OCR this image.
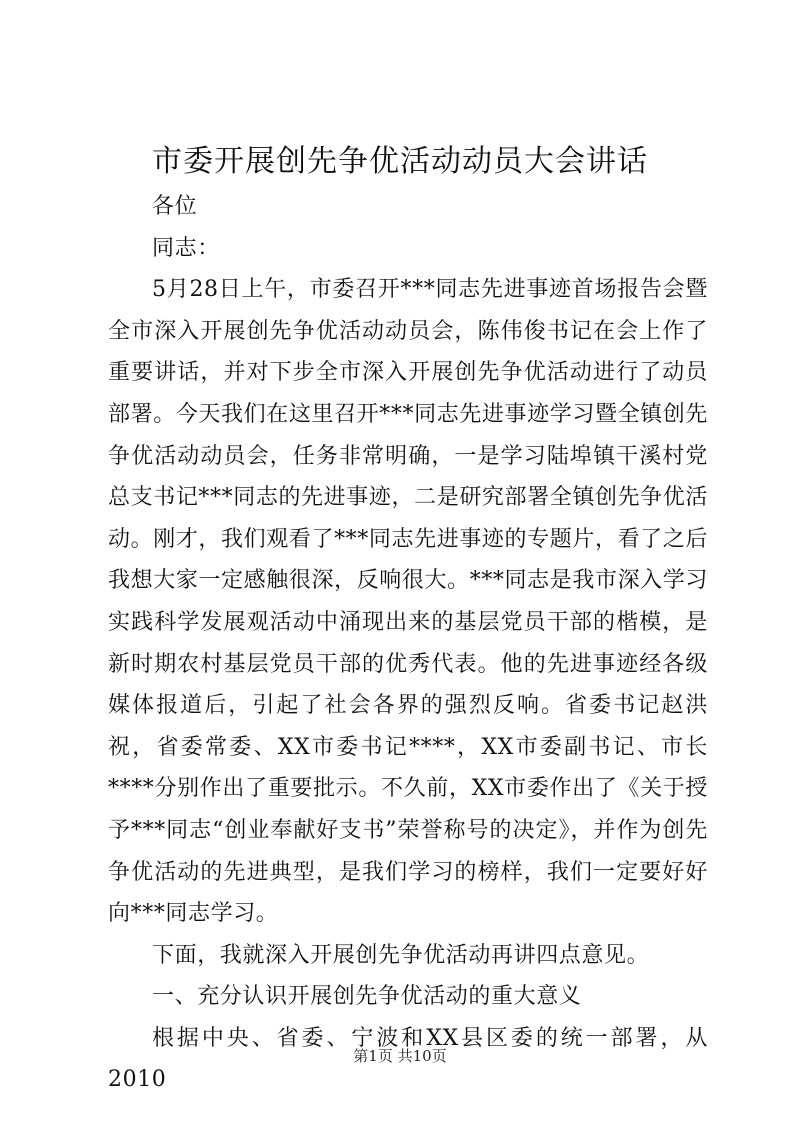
市委开展创先争优活动动员大会讲话

各位

同志：

5月28日上午，市委召开***同志先进事迹首场报告会暨全市深入开展创先争优活动动员会，陈伟俊书记在会上作了重要讲话，并对下步全市深入开展创先争优活动进行了动员部署。今天我们在这里召开***同志先进事迹学习暨全镇创先争优活动动员会，任务非常明确，一是学习陆埠镇干溪村党总支书记***同志的先进事迹，二是研究部署全镇创先争优活动。刚才，我们观看了***同志先进事迹的专题片，看了之后我想大家一定感触很深，反响很大。***同志是我市深入学习实践科学发展观活动中涌现出来的基层党员干部的楷模，是新时期农村基层党员干部的优秀代表。他的先进事迹经各级媒体报道后，引起了社会各界的强烈反响。省委书记赵洪祝，省委常委、XX市委书记****，XX市委副书记、市长****分别作出了重要批示。不久前，XX市委作出了《关于授予***同志“创业奉献好支书”荣誉称号的决定》，并作为创先争优活动的先进典型，是我们学习的榜样，我们一定要好好向***同志学习。

下面，我就深入开展创先争优活动再讲四点意见。

一、充分认识开展创先争优活动的重大意义

根据中央、省委、宁波和XX县区委的统一部署，从2010

第1页 共10页
